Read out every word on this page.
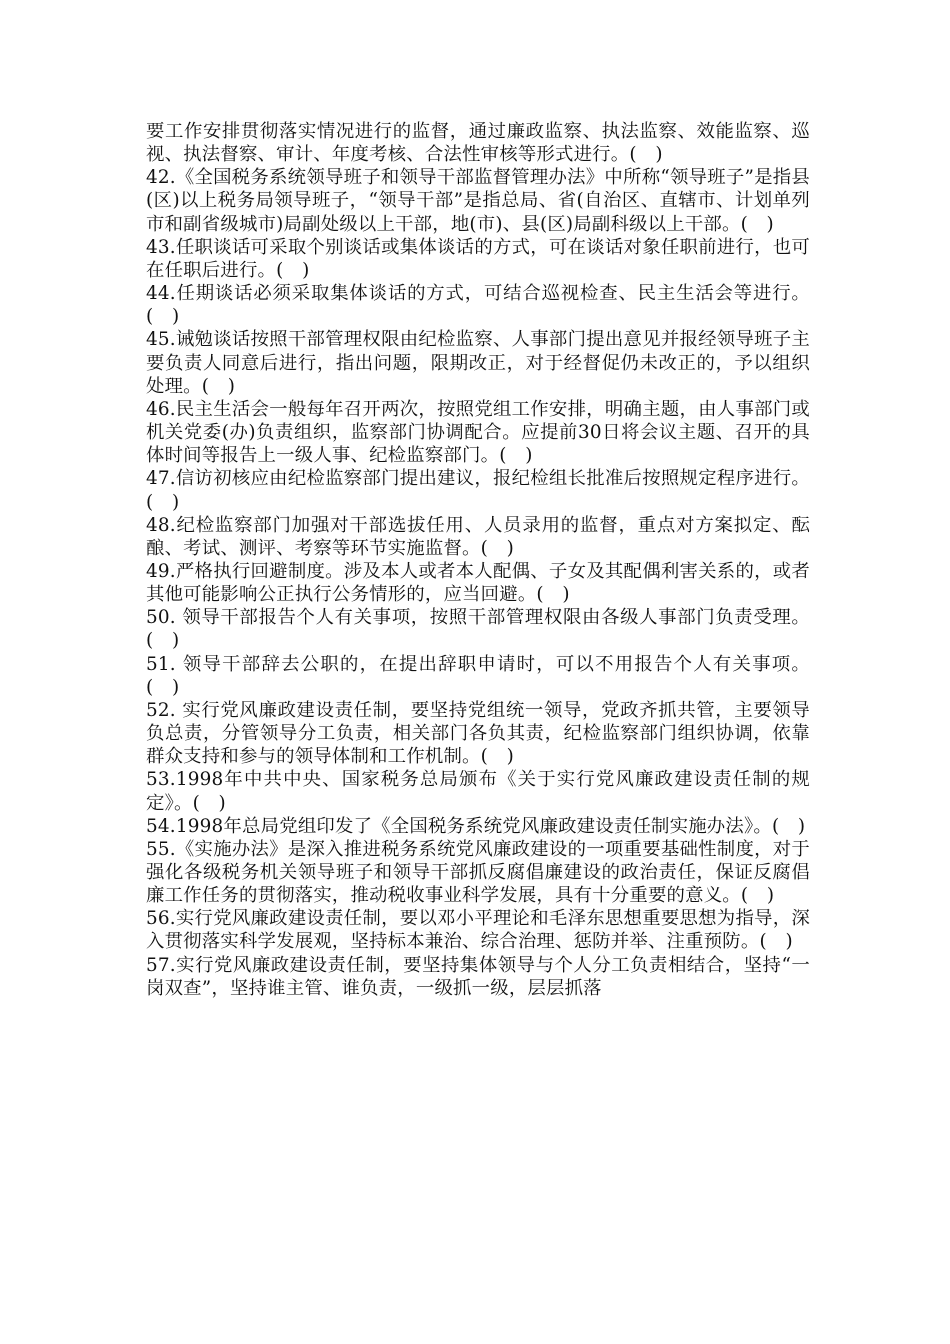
要工作安排贯彻落实情况进行的监督，通过廉政监察、执法监察、效能监察、巡视、执法督察、审计、年度考核、合法性审核等形式进行。(　)

42.《全国税务系统领导班子和领导干部监督管理办法》中所称“领导班子”是指县(区)以上税务局领导班子，“领导干部”是指总局、省(自治区、直辖市、计划单列市和副省级城市)局副处级以上干部，地(市)、县(区)局副科级以上干部。(　)

43.任职谈话可采取个别谈话或集体谈话的方式，可在谈话对象任职前进行，也可在任职后进行。(　)

44.任期谈话必须采取集体谈话的方式，可结合巡视检查、民主生活会等进行。(　)

45.诫勉谈话按照干部管理权限由纪检监察、人事部门提出意见并报经领导班子主要负责人同意后进行，指出问题，限期改正，对于经督促仍未改正的，予以组织处理。(　)

46.民主生活会一般每年召开两次，按照党组工作安排，明确主题，由人事部门或机关党委(办)负责组织，监察部门协调配合。应提前30日将会议主题、召开的具体时间等报告上一级人事、纪检监察部门。(　)

47.信访初核应由纪检监察部门提出建议，报纪检组长批准后按照规定程序进行。(　)

48.纪检监察部门加强对干部选拔任用、人员录用的监督，重点对方案拟定、酝酿、考试、测评、考察等环节实施监督。(　)

49.严格执行回避制度。涉及本人或者本人配偶、子女及其配偶利害关系的，或者其他可能影响公正执行公务情形的，应当回避。(　)

50. 领导干部报告个人有关事项，按照干部管理权限由各级人事部门负责受理。(　)

51. 领导干部辞去公职的，在提出辞职申请时，可以不用报告个人有关事项。(　)

52. 实行党风廉政建设责任制，要坚持党组统一领导，党政齐抓共管，主要领导负总责，分管领导分工负责，相关部门各负其责，纪检监察部门组织协调，依靠群众支持和参与的领导体制和工作机制。(　)

53.1998年中共中央、国家税务总局颁布《关于实行党风廉政建设责任制的规定》。(　)

54.1998年总局党组印发了《全国税务系统党风廉政建设责任制实施办法》。(　)

55.《实施办法》是深入推进税务系统党风廉政建设的一项重要基础性制度，对于强化各级税务机关领导班子和领导干部抓反腐倡廉建设的政治责任，保证反腐倡廉工作任务的贯彻落实，推动税收事业科学发展，具有十分重要的意义。(　)

56.实行党风廉政建设责任制，要以邓小平理论和毛泽东思想重要思想为指导，深入贯彻落实科学发展观，坚持标本兼治、综合治理、惩防并举、注重预防。(　)

57.实行党风廉政建设责任制，要坚持集体领导与个人分工负责相结合，坚持“一岗双查”，坚持谁主管、谁负责，一级抓一级，层层抓落
